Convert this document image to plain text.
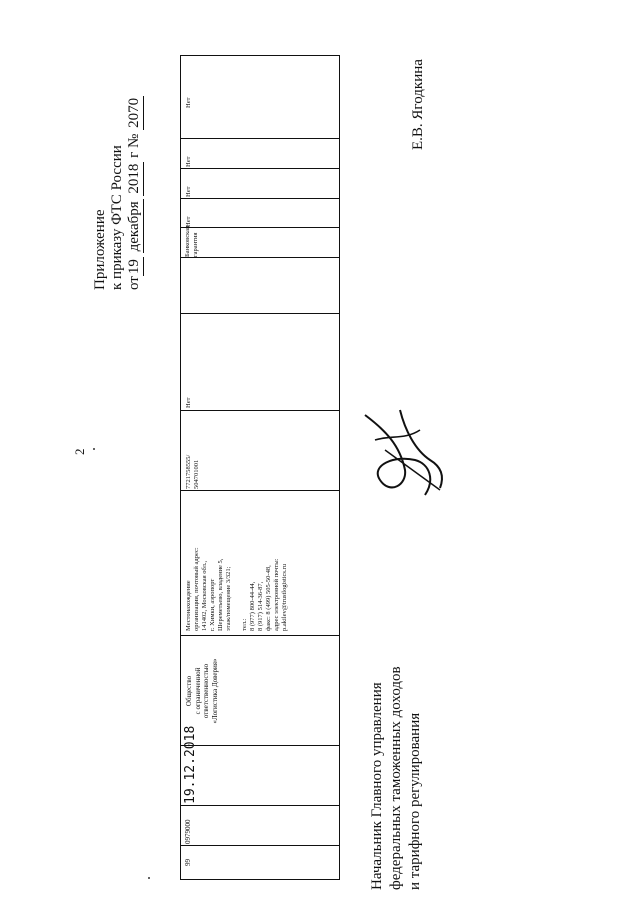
2
Приложение к приказу ФТС России от19 декабря 2018 г № 2070
99
0979000
19.12.2018
Общество с ограниченной ответственностью «Логистика Доверия»
Местонахождение организации, почтовый адрес: 141402, Московская обл., г. Химки, аэропорт Шереметьево, владение 5, этаж/помещение 3/321;
тел.: 8 (977) 800-44-44, 8 (917) 514-36-87, факс: 8 (499) 505-50-48, адрес электронной почты: p.akilev@trustlogistics.ru
7721758555/ 504701001
Нет
Нет
Нет
Нет
Нет
Банковская гарантия
Начальник Главного управления федеральных таможенных доходов и тарифного регулирования
Е.В. Ягодкина
